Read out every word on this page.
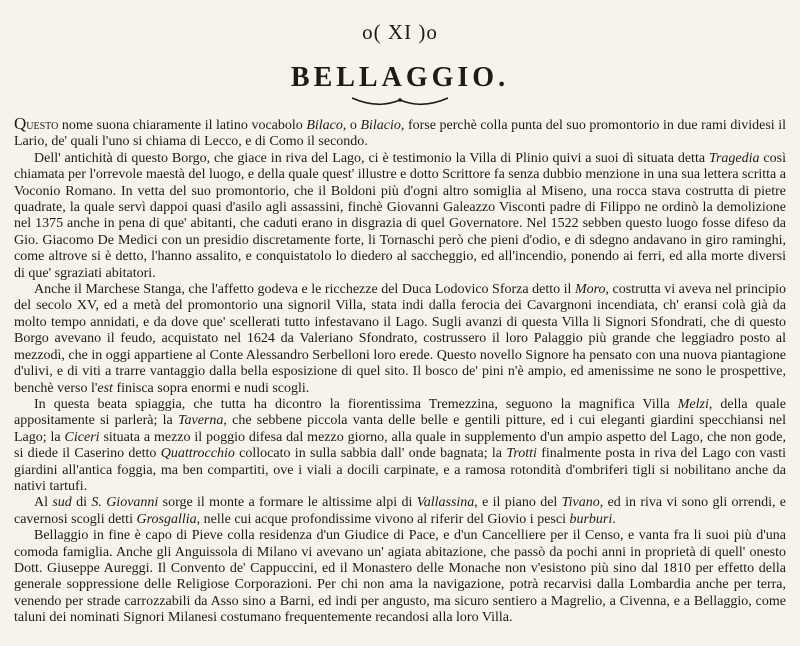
o( XI )o
BELLAGGIO.

Questo nome suona chiaramente il latino vocabolo Bilaco, o Bilacio, forse perchè colla punta del suo promontorio in due rami dividesi il Lario, de' quali l'uno si chiama di Lecco, e di Como il secondo.

Dell' antichità di questo Borgo, che giace in riva del Lago, ci è testimonio la Villa di Plinio quivi a suoi dì situata detta Tragedia così chiamata per l'orrevole maestà del luogo, e della quale quest' illustre e dotto Scrittore fa senza dubbio menzione in una sua lettera scritta a Voconio Romano. In vetta del suo promontorio, che il Boldoni più d'ogni altro somiglia al Miseno, una rocca stava costrutta di pietre quadrate, la quale servì dappoi quasi d'asilo agli assassini, finchè Giovanni Galeazzo Visconti padre di Filippo ne ordinò la demolizione nel 1375 anche in pena di que' abitanti, che caduti erano in disgrazia di quel Governatore. Nel 1522 sebben questo luogo fosse difeso da Gio. Giacomo De Medici con un presidio discretamente forte, li Tornaschi però che pieni d'odio, e di sdegno andavano in giro raminghi, come altrove si è detto, l'hanno assalito, e conquistatolo lo diedero al saccheggio, ed all'incendio, ponendo ai ferri, ed alla morte diversi di que' sgraziati abitatori.

Anche il Marchese Stanga, che l'affetto godeva e le ricchezze del Duca Lodovico Sforza detto il Moro, costrutta vi aveva nel principio del secolo XV, ed a metà del promontorio una signoril Villa, stata indi dalla ferocia dei Cavargnoni incendiata, ch' eransi colà già da molto tempo annidati, e da dove que' scellerati tutto infestavano il Lago. Sugli avanzi di questa Villa li Signori Sfondrati, che di questo Borgo avevano il feudo, acquistato nel 1624 da Valeriano Sfondrato, costrussero il loro Palaggio più grande che leggiadro posto al mezzodì, che in oggi appartiene al Conte Alessandro Serbelloni loro erede. Questo novello Signore ha pensato con una nuova piantagione d'ulivi, e di viti a trarre vantaggio dalla bella esposizione di quel sito. Il bosco de' pini n'è ampio, ed amenissime ne sono le prospettive, benchè verso l'est finisca sopra enormi e nudi scogli.

In questa beata spiaggia, che tutta ha dicontro la fiorentissima Tremezzina, seguono la magnifica Villa Melzi, della quale appositamente si parlerà; la Taverna, che sebbene piccola vanta delle belle e gentili pitture, ed i cui eleganti giardini specchiansi nel Lago; la Ciceri situata a mezzo il poggio difesa dal mezzo giorno, alla quale in supplemento d'un ampio aspetto del Lago, che non gode, si diede il Caserino detto Quattrocchio collocato in sulla sabbia dall' onde bagnata; la Trotti finalmente posta in riva del Lago con vasti giardini all'antica foggia, ma ben compartiti, ove i viali a docili carpinate, e a ramosa rotondità d'ombriferi tigli si nobilitano anche da nativi tartufi.

Al sud di S. Giovanni sorge il monte a formare le altissime alpi di Vallassina, e il piano del Tivano, ed in riva vi sono gli orrendi, e cavernosi scogli detti Grosgallia, nelle cui acque profondissime vivono al riferir del Giovio i pesci burburi.

Bellaggio in fine è capo di Pieve colla residenza d'un Giudice di Pace, e d'un Cancelliere per il Censo, e vanta fra li suoi più d'una comoda famiglia. Anche gli Anguissola di Milano vi avevano un' agiata abitazione, che passò da pochi anni in proprietà di quell' onesto Dott. Giuseppe Aureggi. Il Convento de' Cappuccini, ed il Monastero delle Monache non v'esistono più sino dal 1810 per effetto della generale soppressione delle Religiose Corporazioni. Per chi non ama la navigazione, potrà recarvisi dalla Lombardia anche per terra, venendo per strade carrozzabili da Asso sino a Barni, ed indi per angusto, ma sicuro sentiero a Magrelio, a Civenna, e a Bellaggio, come taluni dei nominati Signori Milanesi costumano frequentemente recandosi alla loro Villa.
